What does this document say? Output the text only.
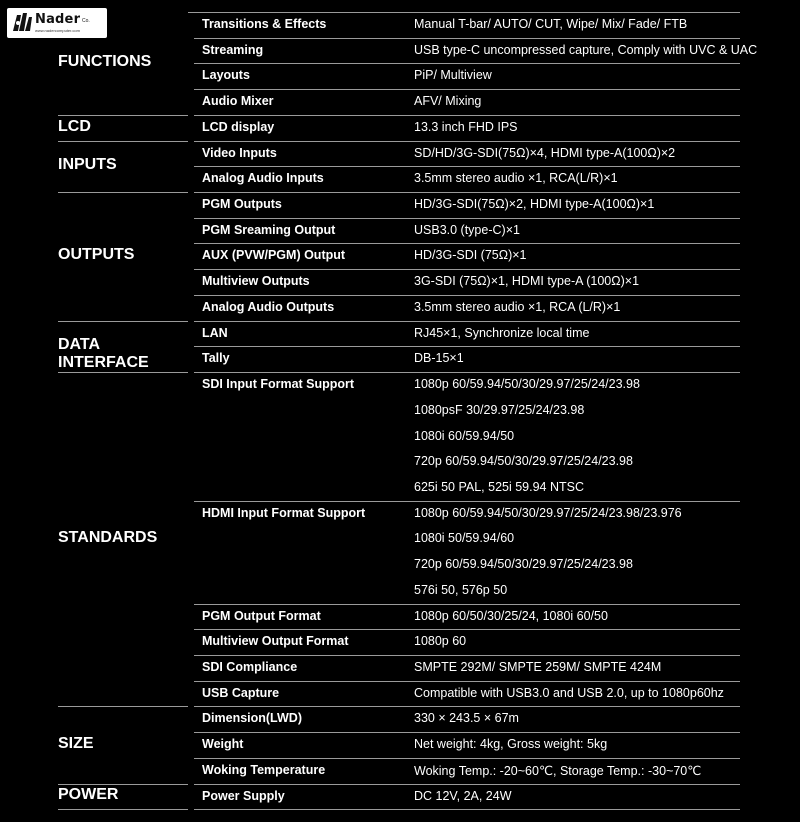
Nader Co.
www.nadercomputer.com	Transitions & Effects	Manual T-bar/ AUTO/ CUT, Wipe/ Mix/ Fade/ FTB
Streaming	USB type-C uncompressed capture, Comply with UVC & UAC
Layouts	PiP/ Multiview
Audio Mixer	AFV/ Mixing
FUNCTIONS
LCD display	13.3 inch FHD IPS
LCD
Video Inputs	SD/HD/3G-SDI(75Ω)×4, HDMI type-A(100Ω)×2
Analog Audio Inputs	3.5mm stereo audio ×1, RCA(L/R)×1
INPUTS
PGM Outputs	HD/3G-SDI(75Ω)×2, HDMI type-A(100Ω)×1
PGM Sreaming Output	USB3.0 (type-C)×1
AUX (PVW/PGM) Output	HD/3G-SDI (75Ω)×1
Multiview Outputs	3G-SDI (75Ω)×1, HDMI type-A (100Ω)×1
Analog Audio Outputs	3.5mm stereo audio ×1, RCA (L/R)×1
OUTPUTS
LAN	RJ45×1, Synchronize local time
Tally	DB-15×1
DATA INTERFACE
SDI Input Format Support	1080p 60/59.94/50/30/29.97/25/24/23.98
1080psF 30/29.97/25/24/23.98
1080i 60/59.94/50
720p 60/59.94/50/30/29.97/25/24/23.98
625i 50 PAL, 525i 59.94 NTSC
HDMI Input Format Support	1080p 60/59.94/50/30/29.97/25/24/23.98/23.976
1080i 50/59.94/60
720p 60/59.94/50/30/29.97/25/24/23.98
576i 50, 576p 50
PGM Output Format	1080p 60/50/30/25/24, 1080i 60/50
Multiview Output Format	1080p 60
SDI Compliance	SMPTE 292M/ SMPTE 259M/ SMPTE 424M
USB Capture	Compatible with USB3.0 and USB 2.0, up to 1080p60hz
STANDARDS
Dimension(LWD)	330 × 243.5 × 67m
Weight	Net weight: 4kg, Gross weight: 5kg
Woking Temperature	Woking Temp.: -20~60℃, Storage Temp.: -30~70℃
SIZE
Power Supply	DC 12V, 2A, 24W
POWER
